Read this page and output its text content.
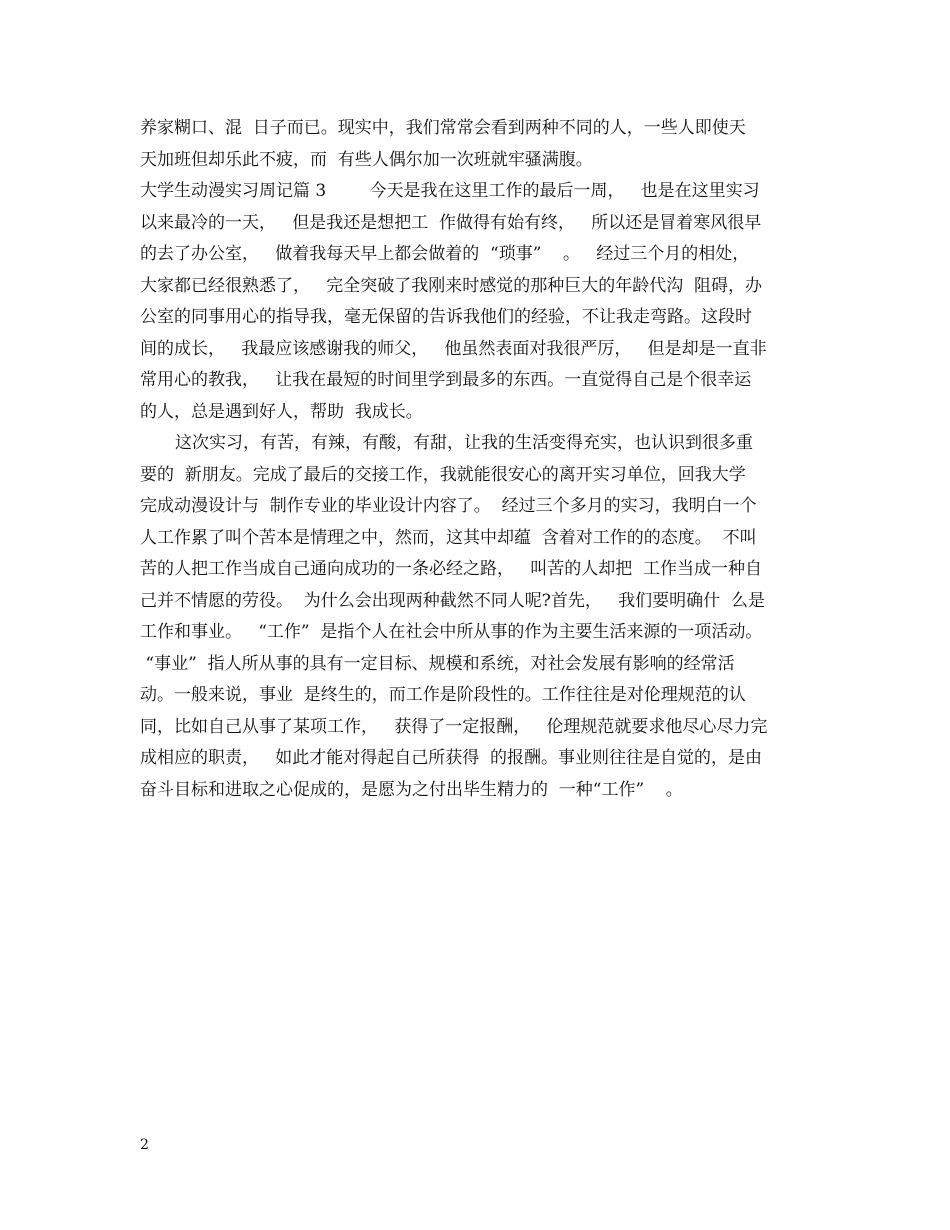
养家糊口、混  日子而已。现实中，我们常常会看到两种不同的人，一些人即使天
天加班但却乐此不疲，而  有些人偶尔加一次班就牢骚满腹。
大学生动漫实习周记篇 3        今天是我在这里工作的最后一周，   也是在这里实习
以来最冷的一天，   但是我还是想把工  作做得有始有终，   所以还是冒着寒风很早
的去了办公室，   做着我每天早上都会做着的  “琐事”    。   经过三个月的相处，
大家都已经很熟悉了，   完全突破了我刚来时感觉的那种巨大的年龄代沟  阻碍，办
公室的同事用心的指导我，毫无保留的告诉我他们的经验，不让我走弯路。这段时
间的成长，   我最应该感谢我的师父，   他虽然表面对我很严厉，   但是却是一直非
常用心的教我，   让我在最短的时间里学到最多的东西。一直觉得自己是个很幸运
的人，总是遇到好人，帮助  我成长。
这次实习，有苦，有辣，有酸，有甜，让我的生活变得充实，也认识到很多重
要的  新朋友。完成了最后的交接工作，我就能很安心的离开实习单位，回我大学
完成动漫设计与  制作专业的毕业设计内容了。  经过三个多月的实习，我明白一个
人工作累了叫个苦本是情理之中，然而，这其中却蕴  含着对工作的的态度。  不叫
苦的人把工作当成自己通向成功的一条必经之路，   叫苦的人却把  工作当成一种自
己并不情愿的劳役。  为什么会出现两种截然不同人呢?首先，   我们要明确什  么是
工作和事业。   “工作”  是指个人在社会中所从事的作为主要生活来源的一项活动。
“事业”  指人所从事的具有一定目标、规模和系统，对社会发展有影响的经常活
动。一般来说，事业  是终生的，而工作是阶段性的。工作往往是对伦理规范的认
同，比如自己从事了某项工作，   获得了一定报酬，   伦理规范就要求他尽心尽力完
成相应的职责，   如此才能对得起自己所获得  的报酬。事业则往往是自觉的，是由
奋斗目标和进取之心促成的，是愿为之付出毕生精力的  一种“工作”    。
2
